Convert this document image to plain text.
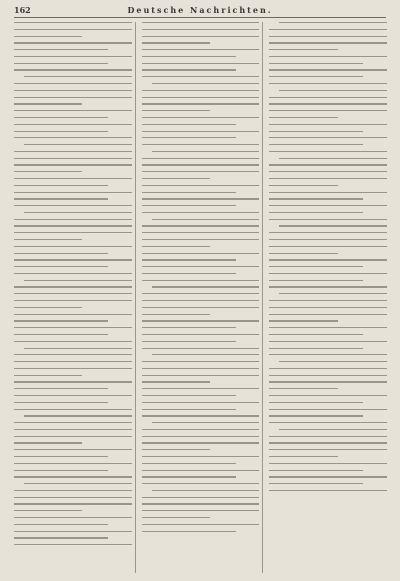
162	Deutsche Nachrichten.
